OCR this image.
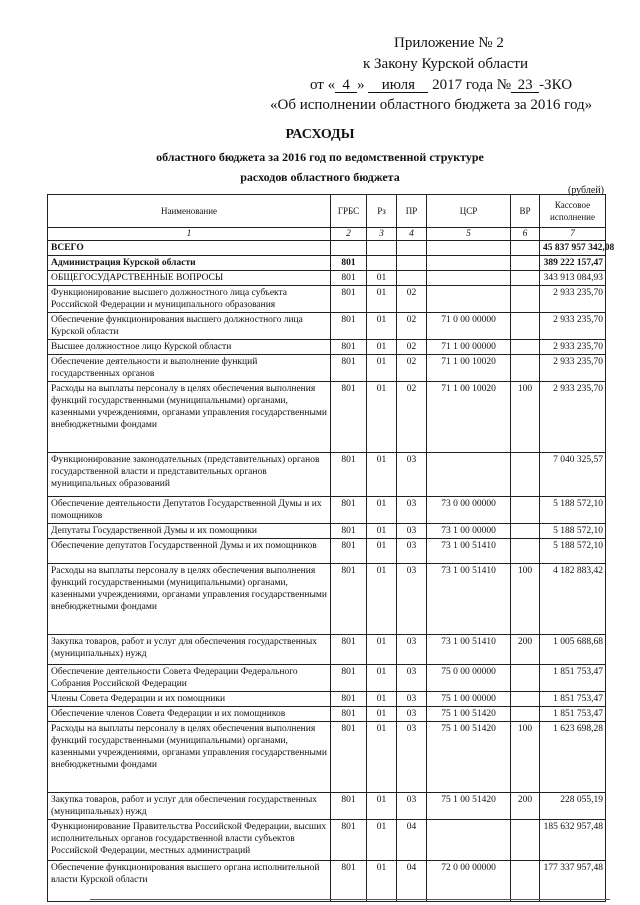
Приложение № 2
к Закону Курской области
от « 4 » июля 2017 года № 23 -ЗКО
«Об исполнении областного бюджета за 2016 год»
РАСХОДЫ
областного бюджета за 2016 год по ведомственной структуре
расходов областного бюджета
(рублей)
Наименование	ГРБС	Рз	ПР	ЦСР	ВР	Кассовое исполнение
1	2	3	4	5	6	7
ВСЕГО						45 837 957 342,08
Администрация Курской области	801					389 222 157,47
ОБЩЕГОСУДАРСТВЕННЫЕ ВОПРОСЫ	801	01				343 913 084,93
Функционирование высшего должностного лица субъекта Российской Федерации и муниципального образования	801	01	02			2 933 235,70
Обеспечение функционирования высшего должностного лица Курской области	801	01	02	71 0 00 00000		2 933 235,70
Высшее должностное лицо Курской области	801	01	02	71 1 00 00000		2 933 235,70
Обеспечение деятельности и выполнение функций государственных органов	801	01	02	71 1 00 10020		2 933 235,70
Расходы на выплаты персоналу в целях обеспечения выполнения функций государственными (муниципальными) органами, казенными учреждениями, органами управления государственными внебюджетными фондами	801	01	02	71 1 00 10020	100	2 933 235,70
Функционирование законодательных (представительных) органов государственной власти и представительных органов муниципальных образований	801	01	03			7 040 325,57
Обеспечение деятельности Депутатов Государственной Думы и их помощников	801	01	03	73 0 00 00000		5 188 572,10
Депутаты Государственной Думы и их помощники	801	01	03	73 1 00 00000		5 188 572,10
Обеспечение депутатов Государственной Думы и их помощников	801	01	03	73 1 00 51410		5 188 572,10
Расходы на выплаты персоналу в целях обеспечения выполнения функций государственными (муниципальными) органами, казенными учреждениями, органами управления государственными внебюджетными фондами	801	01	03	73 1 00 51410	100	4 182 883,42
Закупка товаров, работ и услуг для обеспечения государственных (муниципальных) нужд	801	01	03	73 1 00 51410	200	1 005 688,68
Обеспечение деятельности Совета Федерации Федерального Собрания Российской Федерации	801	01	03	75 0 00 00000		1 851 753,47
Члены Совета Федерации и их помощники	801	01	03	75 1 00 00000		1 851 753,47
Обеспечение членов Совета Федерации и их помощников	801	01	03	75 1 00 51420		1 851 753,47
Расходы на выплаты персоналу в целях обеспечения выполнения функций государственными (муниципальными) органами, казенными учреждениями, органами управления государственными внебюджетными фондами	801	01	03	75 1 00 51420	100	1 623 698,28
Закупка товаров, работ и услуг для обеспечения государственных (муниципальных) нужд	801	01	03	75 1 00 51420	200	228 055,19
Функционирование Правительства Российской Федерации, высших исполнительных органов государственной власти субъектов Российской Федерации, местных администраций	801	01	04			185 632 957,48
Обеспечение функционирования высшего органа исполнительной власти Курской области	801	01	04	72 0 00 00000		177 337 957,48
